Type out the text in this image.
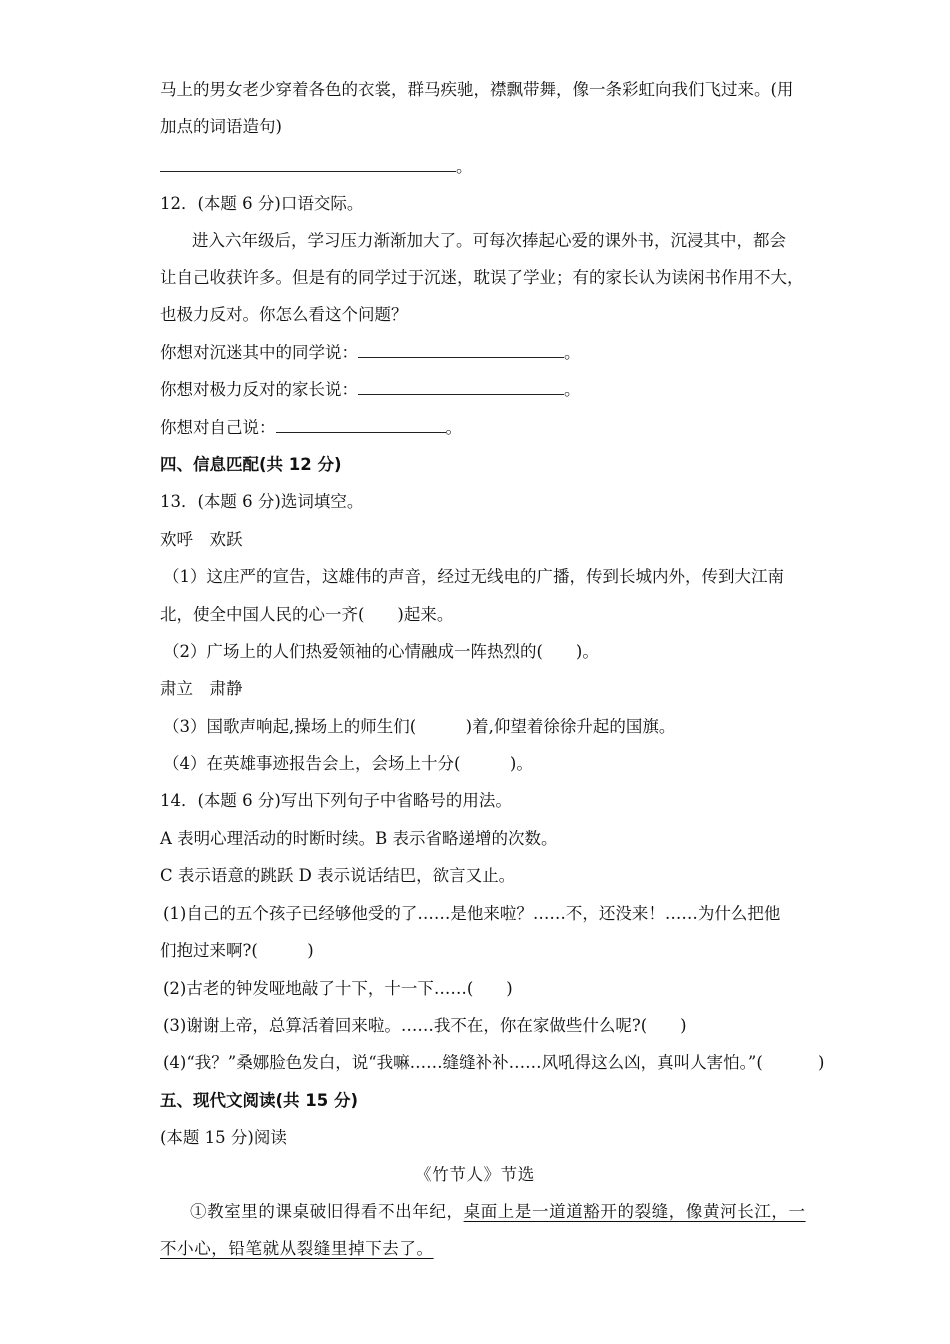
马上的男女老少穿着各色的衣裳，群马疾驰，襟飘带舞，像一条彩虹向我们飞过来。(用
加点的词语造句)
。
12．(本题 6 分)口语交际。
进入六年级后，学习压力渐渐加大了。可每次捧起心爱的课外书，沉浸其中，都会
让自己收获许多。但是有的同学过于沉迷，耽误了学业；有的家长认为读闲书作用不大，
也极力反对。你怎么看这个问题？
你想对沉迷其中的同学说：	。
你想对极力反对的家长说：	。
你想对自己说：	。
四、信息匹配(共 12 分)
13．(本题 6 分)选词填空。
欢呼　欢跃
（1）这庄严的宣告，这雄伟的声音，经过无线电的广播，传到长城内外，传到大江南
北，使全中国人民的心一齐(　　)起来。
（2）广场上的人们热爱领袖的心情融成一阵热烈的(　　)。
肃立　肃静
（3）国歌声响起,操场上的师生们(　　　)着,仰望着徐徐升起的国旗。
（4）在英雄事迹报告会上，会场上十分(　　　)。
14．(本题 6 分)写出下列句子中省略号的用法。
A 表明心理活动的时断时续。B 表示省略递增的次数。
C 表示语意的跳跃 D 表示说话结巴，欲言又止。
(1)自己的五个孩子已经够他受的了……是他来啦？……不，还没来！……为什么把他
们抱过来啊?(　　　)
(2)古老的钟发哑地敲了十下，十一下……(　　)
(3)谢谢上帝，总算活着回来啦。……我不在，你在家做些什么呢?(　　)
(4)“我？”桑娜脸色发白，说“我嘛……缝缝补补……风吼得这么凶，真叫人害怕。”(	)
五、现代文阅读(共 15 分)
(本题 15 分)阅读
《竹节人》节选
①教室里的课桌破旧得看不出年纪，桌面上是一道道豁开的裂缝，像黄河长江，一
不小心，铅笔就从裂缝里掉下去了。
